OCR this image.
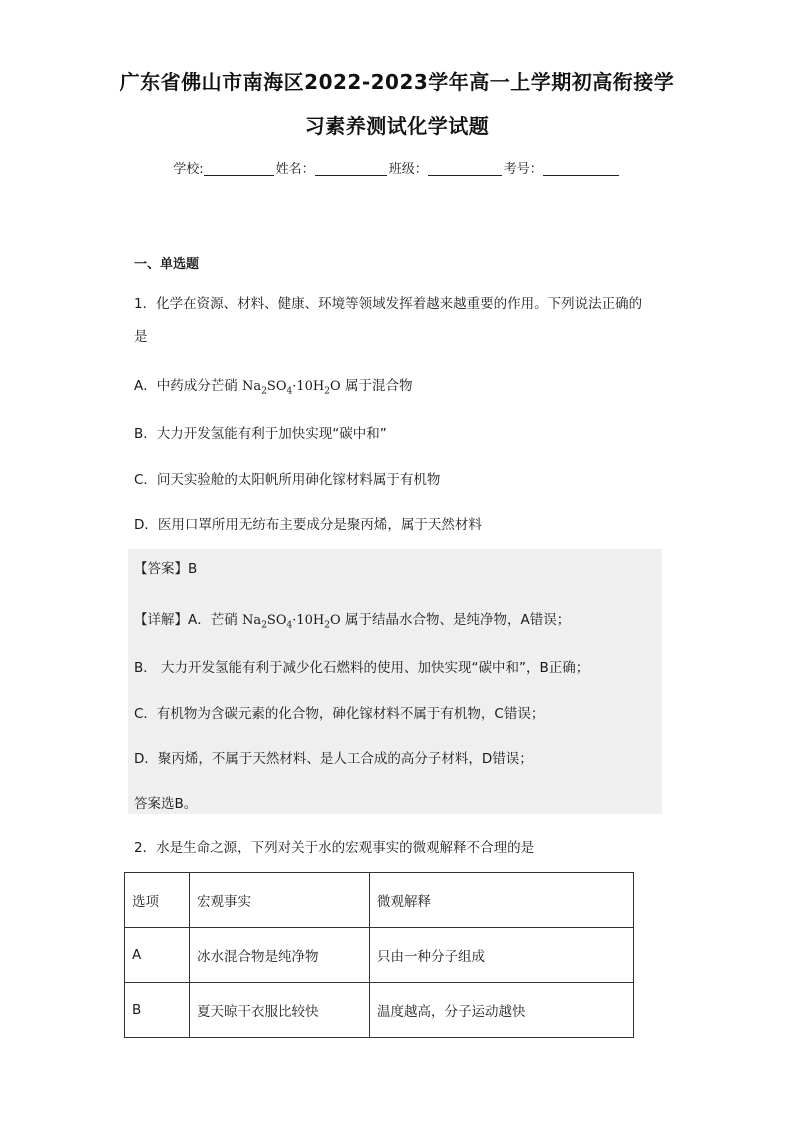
广东省佛山市南海区2022-2023学年高一上学期初高衔接学
习素养测试化学试题
学校:	姓名：	班级：	考号：
一、单选题
1．化学在资源、材料、健康、环境等领域发挥着越来越重要的作用。下列说法正确的
是
A．中药成分芒硝 $Na_2SO_4\cdot 10H_2O$ 属于混合物
B．大力开发氢能有利于加快实现“碳中和”
C．问天实验舱的太阳帆所用砷化镓材料属于有机物
D．医用口罩所用无纺布主要成分是聚丙烯，属于天然材料
【答案】B
【详解】A．芒硝 $Na_2SO_4\cdot 10H_2O$ 属于结晶水合物、是纯净物，A错误；
B． 大力开发氢能有利于减少化石燃料的使用、加快实现“碳中和”，B正确；
C．有机物为含碳元素的化合物，砷化镓材料不属于有机物，C错误；
D．聚丙烯，不属于天然材料、是人工合成的高分子材料，D错误；
答案选B。
2．水是生命之源，下列对关于水的宏观事实的微观解释不合理的是
选项	宏观事实	微观解释
A	冰水混合物是纯净物	只由一种分子组成
B	夏天晾干衣服比较快	温度越高，分子运动越快
